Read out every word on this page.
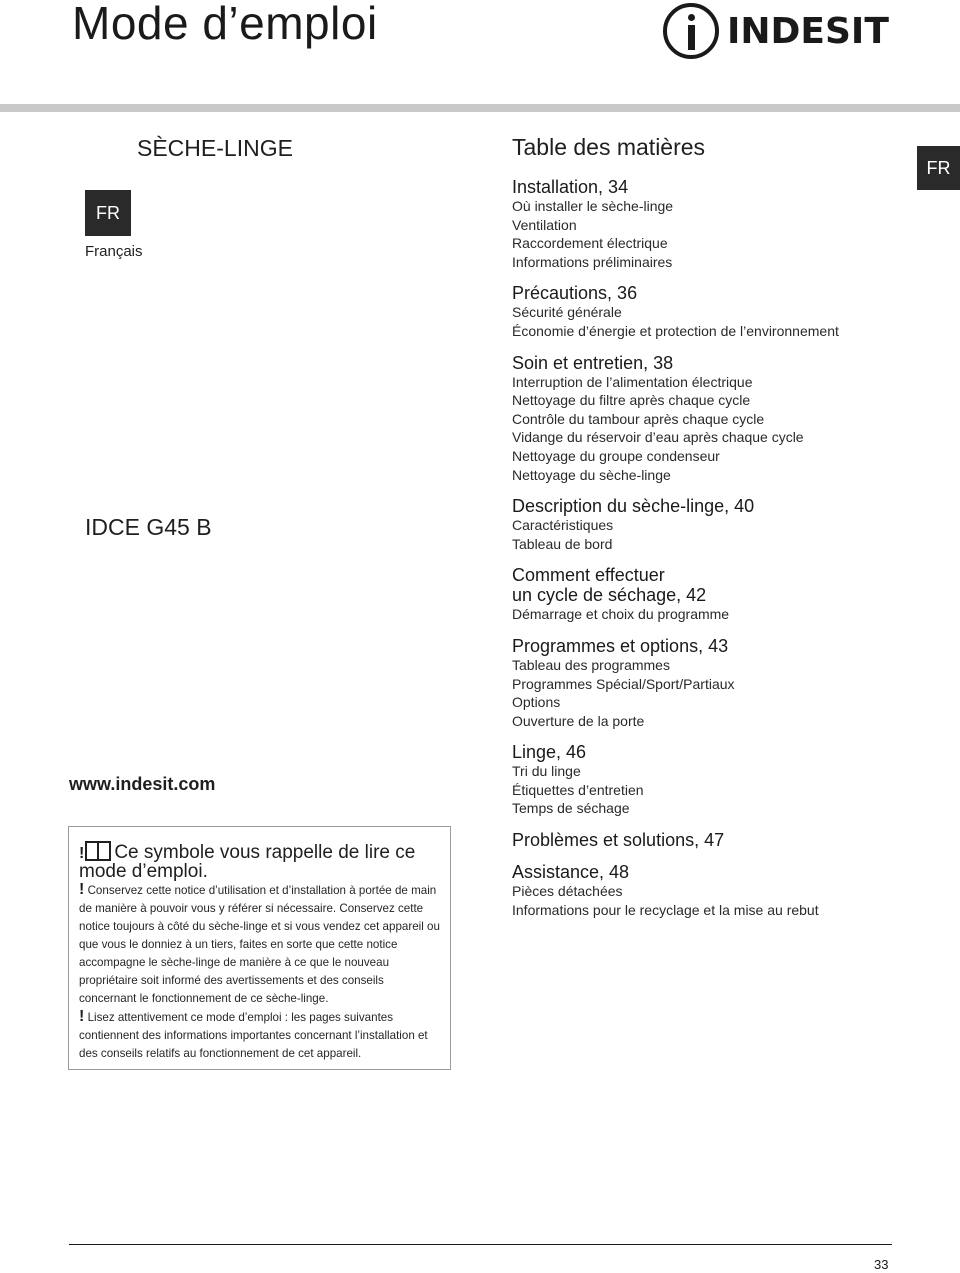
Mode d’emploi	INDESIT
SÈCHE-LINGE
FR
Français
IDCE G45 B
www.indesit.com
! Ce symbole vous rappelle de lire ce
mode d’emploi.

! Conservez cette notice d’utilisation et d’installation à portée de main de manière à pouvoir vous y référer si nécessaire. Conservez cette notice toujours à côté du sèche-linge et si vous vendez cet appareil ou que vous le donniez à un tiers, faites en sorte que cette notice accompagne le sèche-linge de manière à ce que le nouveau propriétaire soit informé des avertissements et des conseils concernant le fonctionnement de ce sèche-linge.

! Lisez attentivement ce mode d’emploi : les pages suivantes contiennent des informations importantes concernant l’installation et des conseils relatifs au fonctionnement de cet appareil.

Table des matières
FR
Installation, 34
Où installer le sèche-linge
Ventilation
Raccordement électrique
Informations préliminaires
Précautions, 36
Sécurité générale
Économie d’énergie et protection de l’environnement
Soin et entretien, 38
Interruption de l’alimentation électrique
Nettoyage du filtre après chaque cycle
Contrôle du tambour après chaque cycle
Vidange du réservoir d’eau après chaque cycle
Nettoyage du groupe condenseur
Nettoyage du sèche-linge
Description du sèche-linge, 40
Caractéristiques
Tableau de bord
Comment effectuer
un cycle de séchage, 42
Démarrage et choix du programme
Programmes et options, 43
Tableau des programmes
Programmes Spécial/Sport/Partiaux
Options
Ouverture de la porte
Linge, 46
Tri du linge
Étiquettes d’entretien
Temps de séchage
Problèmes et solutions, 47
Assistance, 48
Pièces détachées
Informations pour le recyclage et la mise au rebut
33
